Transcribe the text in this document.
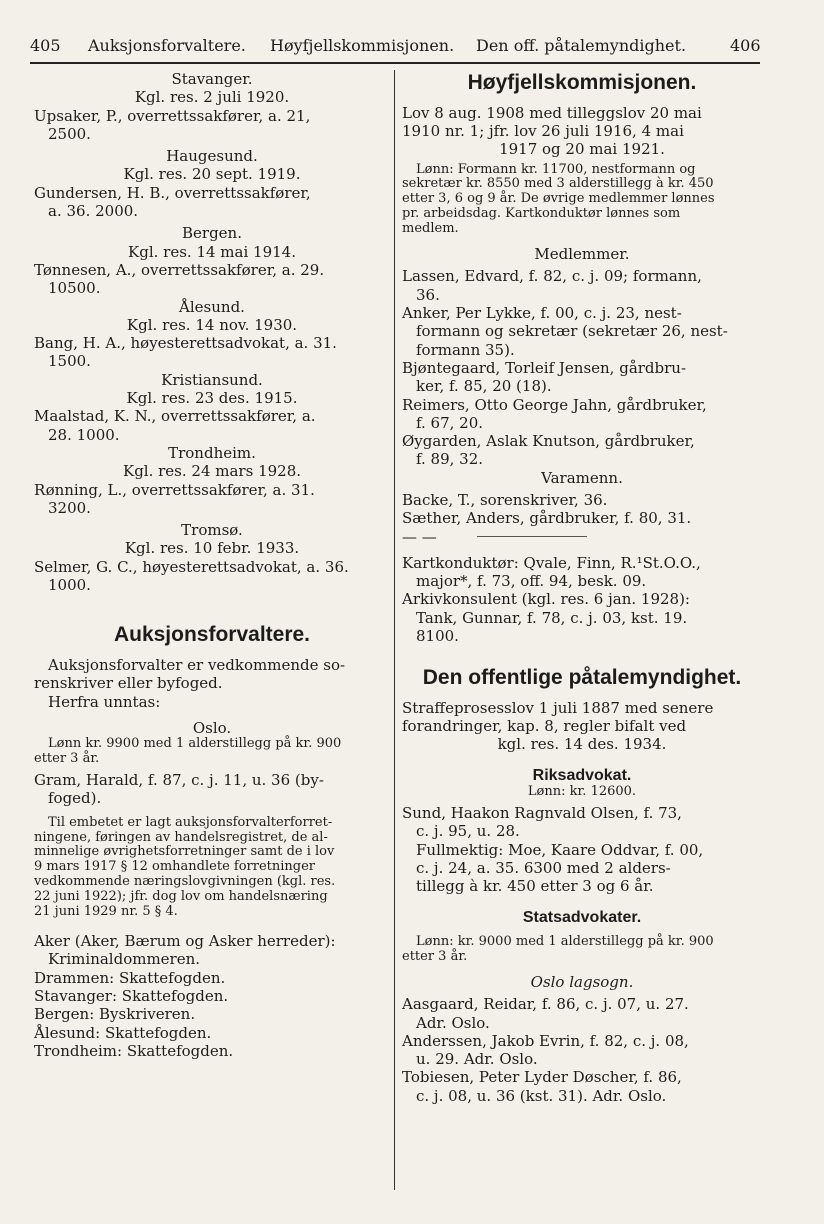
405 Auksjonsforvaltere. Høyfjellskommisjonen. Den off. påtalemyndighet.	406

Stavanger.

Kgl. res. 2 juli 1920.

Upsaker, P., overrettssakfører, a. 21,

2500.

Haugesund.

Kgl. res. 20 sept. 1919.

Gundersen, H. B., overrettssakfører,

a. 36. 2000.

Bergen.

Kgl. res. 14 mai 1914.

Tønnesen, A., overrettssakfører, a. 29.

10500.

Ålesund.

Kgl. res. 14 nov. 1930.

Bang, H. A., høyesterettsadvokat, a. 31.

1500.

Kristiansund.

Kgl. res. 23 des. 1915.

Maalstad, K. N., overrettssakfører, a.

28. 1000.

Trondheim.

Kgl. res. 24 mars 1928.

Rønning, L., overrettssakfører, a. 31.

3200.

Tromsø.

Kgl. res. 10 febr. 1933.

Selmer, G. C., høyesterettsadvokat, a. 36.

1000.

Auksjonsforvaltere.

Auksjonsforvalter er vedkommende so-

renskriver eller byfoged.

Herfra unntas:

Oslo.

Lønn kr. 9900 med 1 alderstillegg på kr. 900

etter 3 år.

Gram, Harald, f. 87, c. j. 11, u. 36 (by-

foged).

Til embetet er lagt auksjonsforvalterforret-

ningene, føringen av handelsregistret, de al-

minnelige øvrighetsforretninger samt de i lov

9 mars 1917 § 12 omhandlete forretninger

vedkommende næringslovgivningen (kgl. res.

22 juni 1922); jfr. dog lov om handelsnæring

21 juni 1929 nr. 5 § 4.

Aker (Aker, Bærum og Asker herreder):

Kriminaldommeren.

Drammen: Skattefogden.

Stavanger: Skattefogden.

Bergen: Byskriveren.

Ålesund: Skattefogden.

Trondheim: Skattefogden.

Høyfjellskommisjonen.

Lov 8 aug. 1908 med tilleggslov 20 mai

1910 nr. 1; jfr. lov 26 juli 1916, 4 mai

1917 og 20 mai 1921.

Lønn: Formann kr. 11700, nestformann og

sekretær kr. 8550 med 3 alderstillegg à kr. 450

etter 3, 6 og 9 år. De øvrige medlemmer lønnes

pr. arbeidsdag. Kartkonduktør lønnes som

medlem.

Medlemmer.

Lassen, Edvard, f. 82, c. j. 09; formann,

36.

Anker, Per Lykke, f. 00, c. j. 23, nest-

formann og sekretær (sekretær 26, nest-

formann 35).

Bjøntegaard, Torleif Jensen, gårdbru-

ker, f. 85, 20 (18).

Reimers, Otto George Jahn, gårdbruker,

f. 67, 20.

Øygarden, Aslak Knutson, gårdbruker,

f. 89, 32.

Varamenn.

Backe, T., sorenskriver, 36.

Sæther, Anders, gårdbruker, f. 80, 31.

— —

Kartkonduktør: Qvale, Finn, R.¹St.O.O.,

major*, f. 73, off. 94, besk. 09.

Arkivkonsulent (kgl. res. 6 jan. 1928):

Tank, Gunnar, f. 78, c. j. 03, kst. 19.

8100.

Den offentlige påtalemyndighet.

Straffeprosesslov 1 juli 1887 med senere

forandringer, kap. 8, regler bifalt ved

kgl. res. 14 des. 1934.

Riksadvokat.

Lønn: kr. 12600.

Sund, Haakon Ragnvald Olsen, f. 73,

c. j. 95, u. 28.

Fullmektig: Moe, Kaare Oddvar, f. 00,

c. j. 24, a. 35. 6300 med 2 alders-

tillegg à kr. 450 etter 3 og 6 år.

Statsadvokater.

Lønn: kr. 9000 med 1 alderstillegg på kr. 900

etter 3 år.

Oslo lagsogn.

Aasgaard, Reidar, f. 86, c. j. 07, u. 27.

Adr. Oslo.

Anderssen, Jakob Evrin, f. 82, c. j. 08,

u. 29. Adr. Oslo.

Tobiesen, Peter Lyder Døscher, f. 86,

c. j. 08, u. 36 (kst. 31). Adr. Oslo.
